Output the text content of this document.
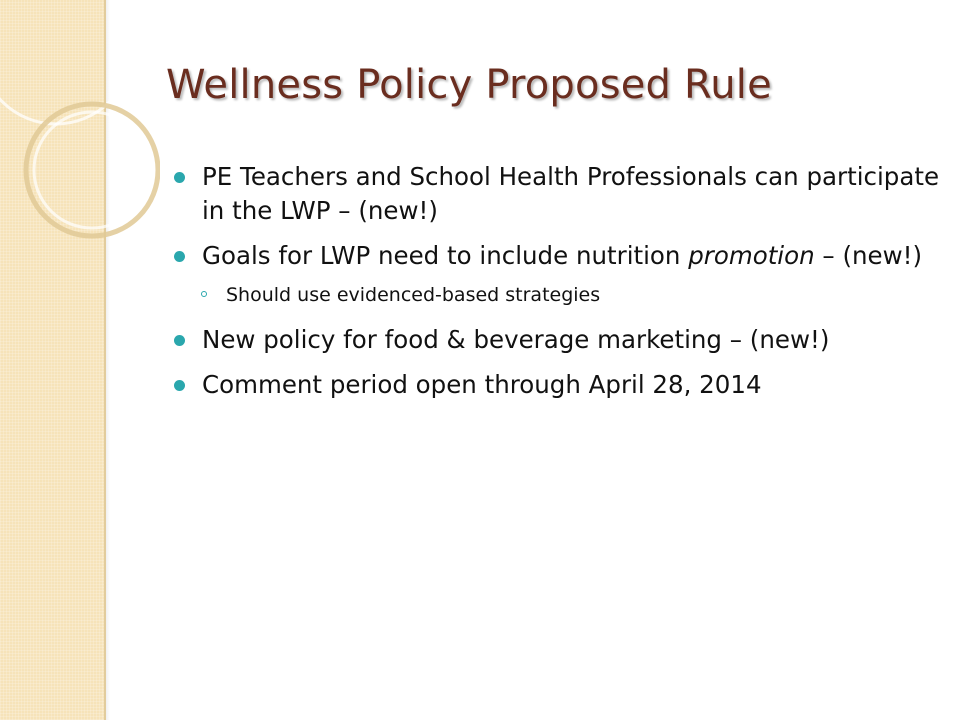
Wellness Policy Proposed Rule
PE Teachers and School Health Professionals can participate in the LWP – (new!)
Goals for LWP need to include nutrition promotion – (new!)
Should use evidenced-based strategies
New policy for food & beverage marketing – (new!)
Comment period open through April 28, 2014
